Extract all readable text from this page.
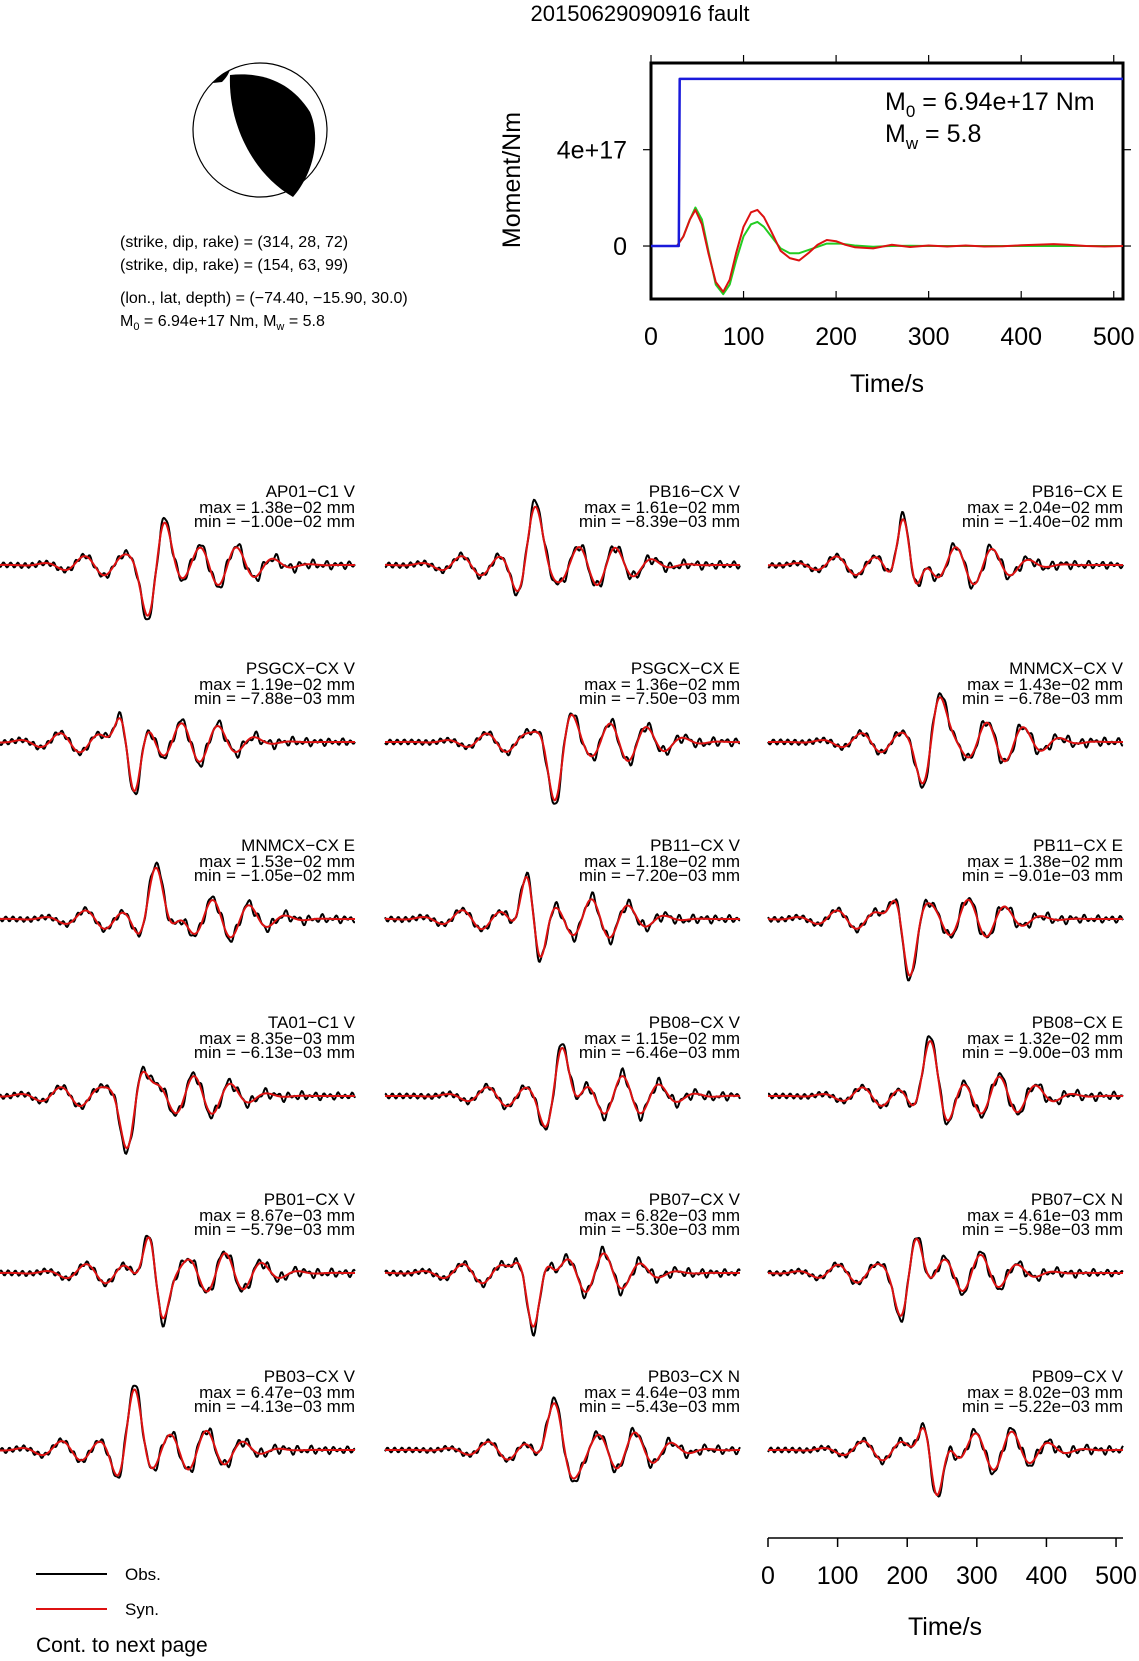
20150629090916 fault
(strike, dip, rake) = (314, 28, 72)
(strike, dip, rake) = (154, 63, 99)
(lon., lat, depth) = (−74.40, −15.90, 30.0)
$M_0 = 6.94e+17$ Nm, $M_w = 5.8$
0	100 200 300 400 500
0
4e+17
$M_0 = 6.94e+17$ Nm
$M_w = 5.8$
Moment/Nm
Time/s
AP01−C1 V
max = 1.38e−02 mm
min = −1.00e−02 mm
PB16−CX V
max = 1.61e−02 mm
min = −8.39e−03 mm
PB16−CX E
max = 2.04e−02 mm
min = −1.40e−02 mm
PSGCX−CX V
max = 1.19e−02 mm
min = −7.88e−03 mm
PSGCX−CX E
max = 1.36e−02 mm
min = −7.50e−03 mm
MNMCX−CX V
max = 1.43e−02 mm
min = −6.78e−03 mm
MNMCX−CX E
max = 1.53e−02 mm
min = −1.05e−02 mm
PB11−CX V
max = 1.18e−02 mm
min = −7.20e−03 mm
PB11−CX E
max = 1.38e−02 mm
min = −9.01e−03 mm
TA01−C1 V
max = 8.35e−03 mm
min = −6.13e−03 mm
PB08−CX V
max = 1.15e−02 mm
min = −6.46e−03 mm
PB08−CX E
max = 1.32e−02 mm
min = −9.00e−03 mm
PB01−CX V
max = 8.67e−03 mm
min = −5.79e−03 mm
PB07−CX V
max = 6.82e−03 mm
min = −5.30e−03 mm
PB07−CX N
max = 4.61e−03 mm
min = −5.98e−03 mm
PB03−CX V
max = 6.47e−03 mm
min = −4.13e−03 mm
PB03−CX N
max = 4.64e−03 mm
min = −5.43e−03 mm
PB09−CX V
max = 8.02e−03 mm
min = −5.22e−03 mm
Time/s
0 100 200 300 400 500
Obs.
Syn.
Cont. to next page
